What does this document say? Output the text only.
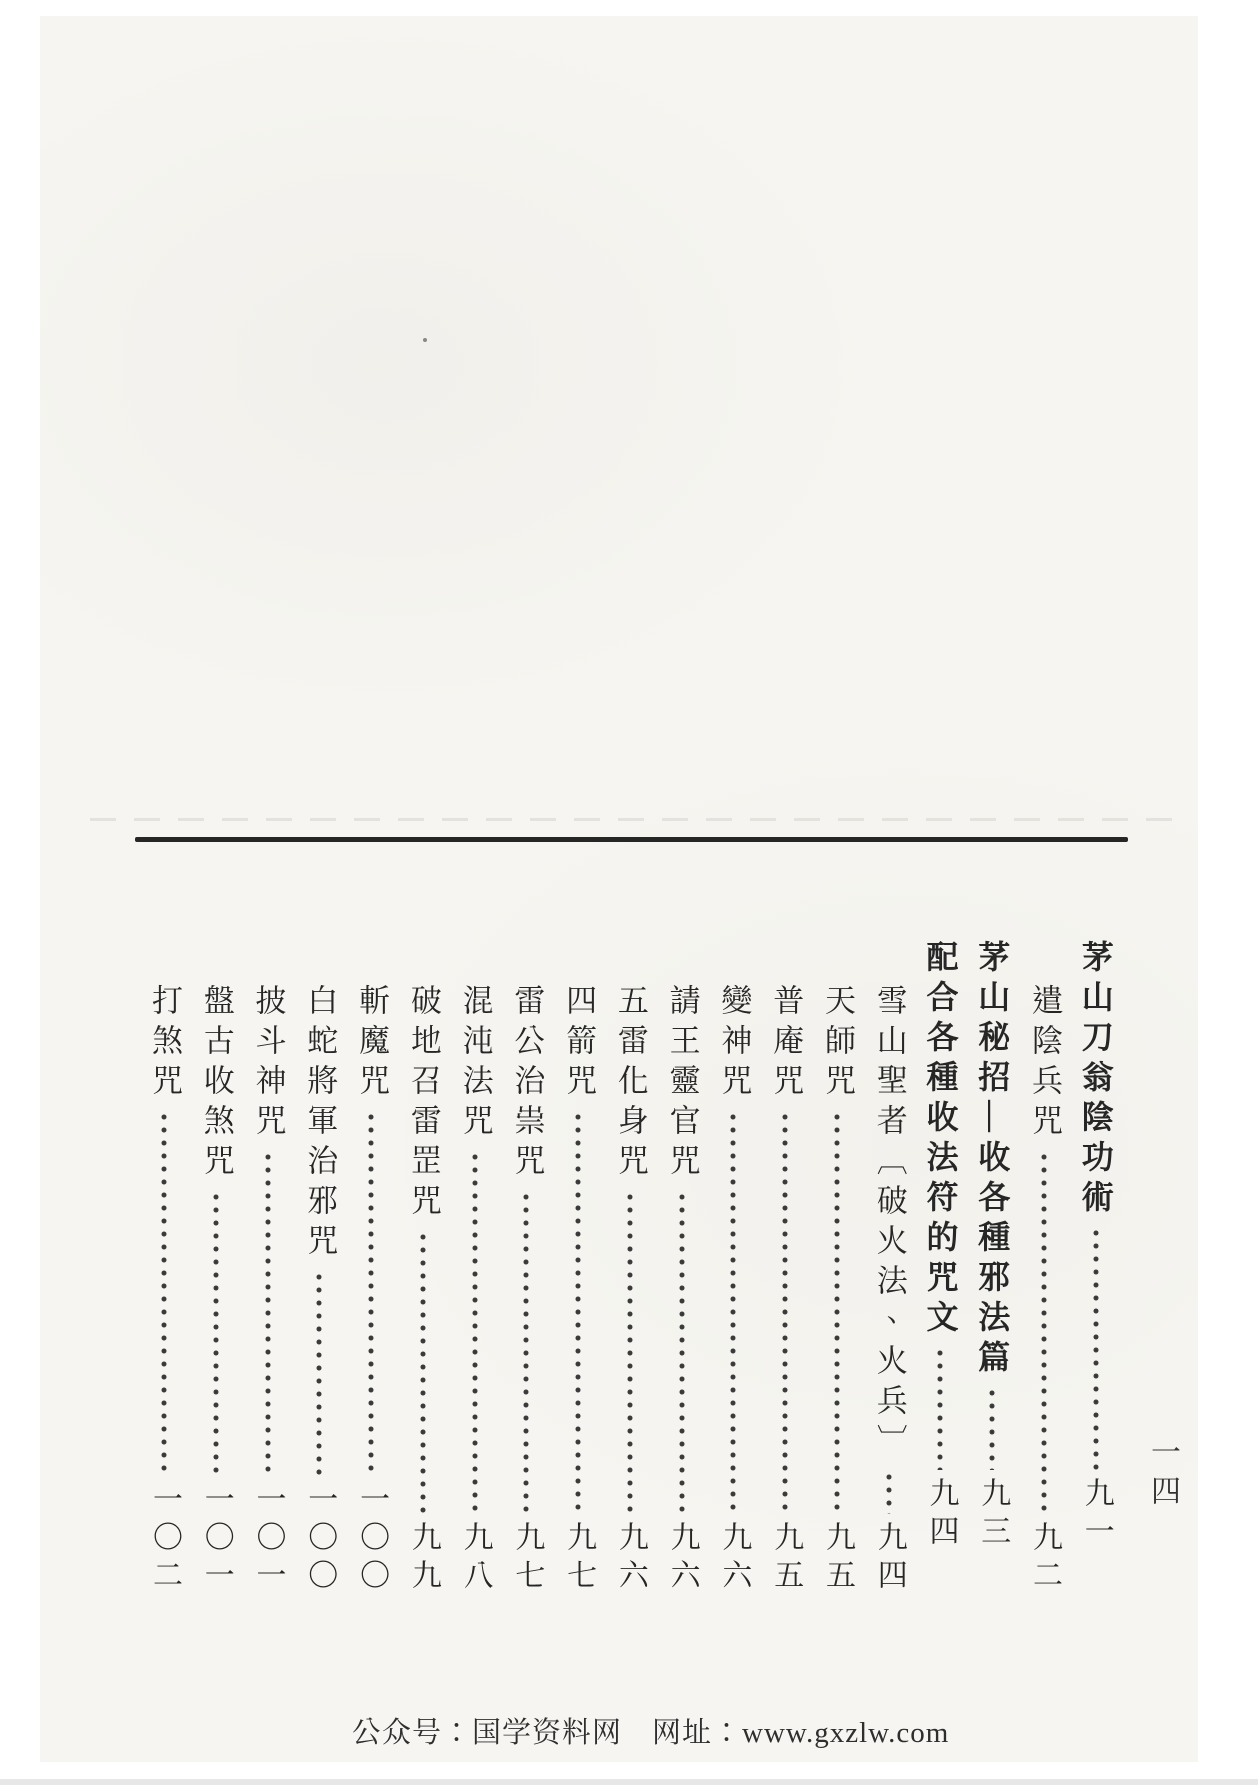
茅山刀翁陰功術
九一
遣陰兵咒
九二
茅山秘招—收各種邪法篇
九三
配合各種收法符的咒文
九四
雪山聖者〔破火法、火兵〕
九四
天師咒
九五
普庵咒
九五
變神咒
九六
請王靈官咒
九六
五雷化身咒
九六
四箭咒
九七
雷公治祟咒
九七
混沌法咒
九八
破地召雷罡咒
九九
斬魔咒
一〇〇
白蛇將軍治邪咒
一〇〇
披斗神咒
一〇一
盤古收煞咒
一〇一
打煞咒
一〇二
一四
公众号：国学资料网　网址：www.gxzlw.com
